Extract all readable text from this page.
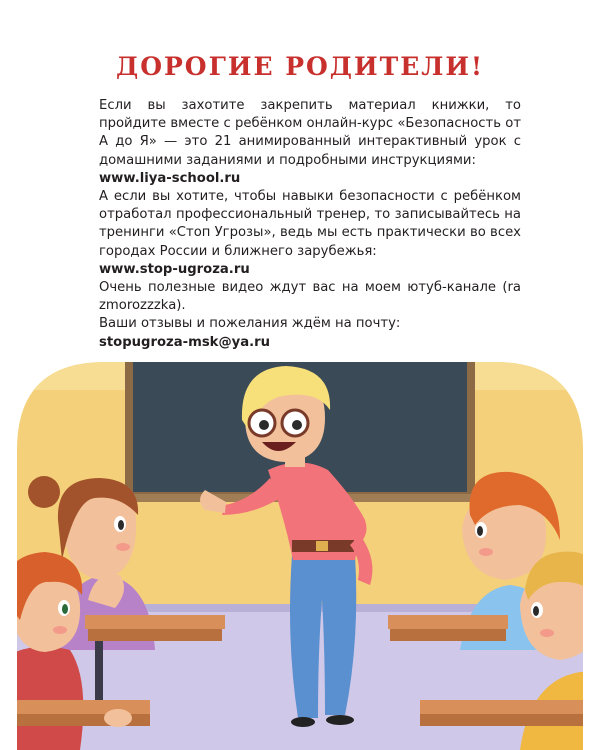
ДОРОГИЕ РОДИТЕЛИ!

Если вы захотите закрепить материал книжки, то пройдите вместе с ребёнком онлайн-курс «Безопасность от А до Я» — это 21 анимированный интерактивный урок с домашними заданиями и подробными инструкциями:

www.liya-school.ru

А если вы хотите, чтобы навыки безопасности с ребёнком отработал профессиональный тренер, то записывайтесь на тренинги «Стоп Угрозы», ведь мы есть практически во всех городах России и ближнего зарубежья:

www.stop-ugroza.ru

Очень полезные видео ждут вас на моем ютуб-канале (ra zmorozzzka).

Ваши отзывы и пожелания ждём на почту:

stopugroza-msk@ya.ru
